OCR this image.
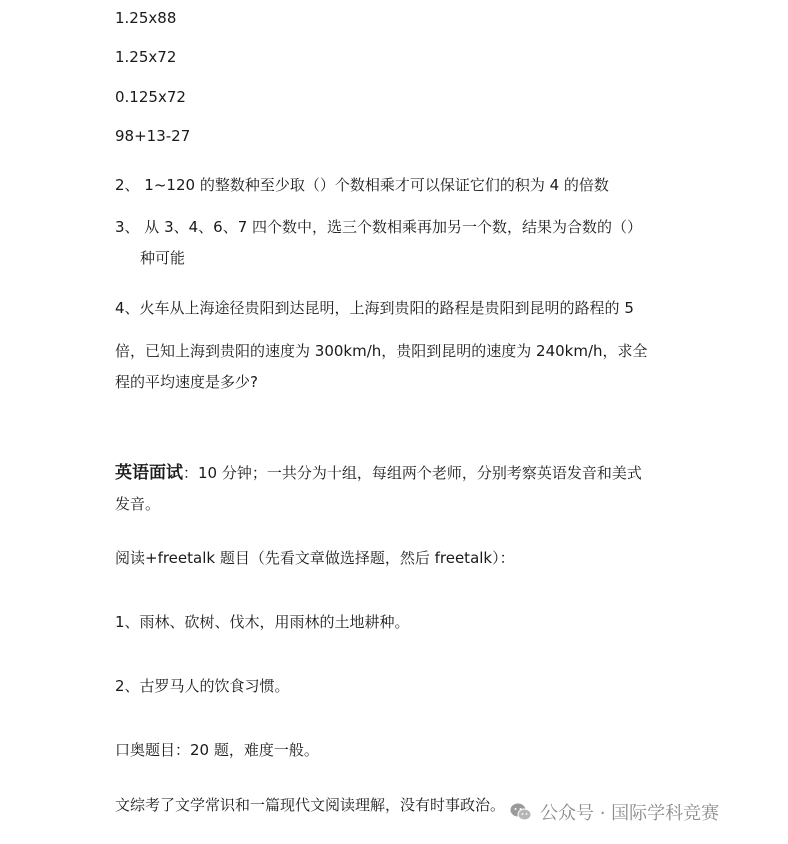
1.25x88

1.25x72

0.125x72

98+13-27

2、 1~120 的整数种至少取（）个数相乘才可以保证它们的积为 4 的倍数

3、 从 3、4、6、7 四个数中，选三个数相乘再加另一个数，结果为合数的（）

种可能

4、火车从上海途径贵阳到达昆明，上海到贵阳的路程是贵阳到昆明的路程的 5

倍，已知上海到贵阳的速度为 300km/h，贵阳到昆明的速度为 240km/h，求全

程的平均速度是多少?

英语面试：10 分钟；一共分为十组，每组两个老师，分别考察英语发音和美式

发音。

阅读+freetalk 题目（先看文章做选择题，然后 freetalk）：

1、雨林、砍树、伐木，用雨林的土地耕种。

2、古罗马人的饮食习惯。

口奥题目：20 题，难度一般。

文综考了文学常识和一篇现代文阅读理解，没有时事政治。 公众号 · 国际学科竞赛
